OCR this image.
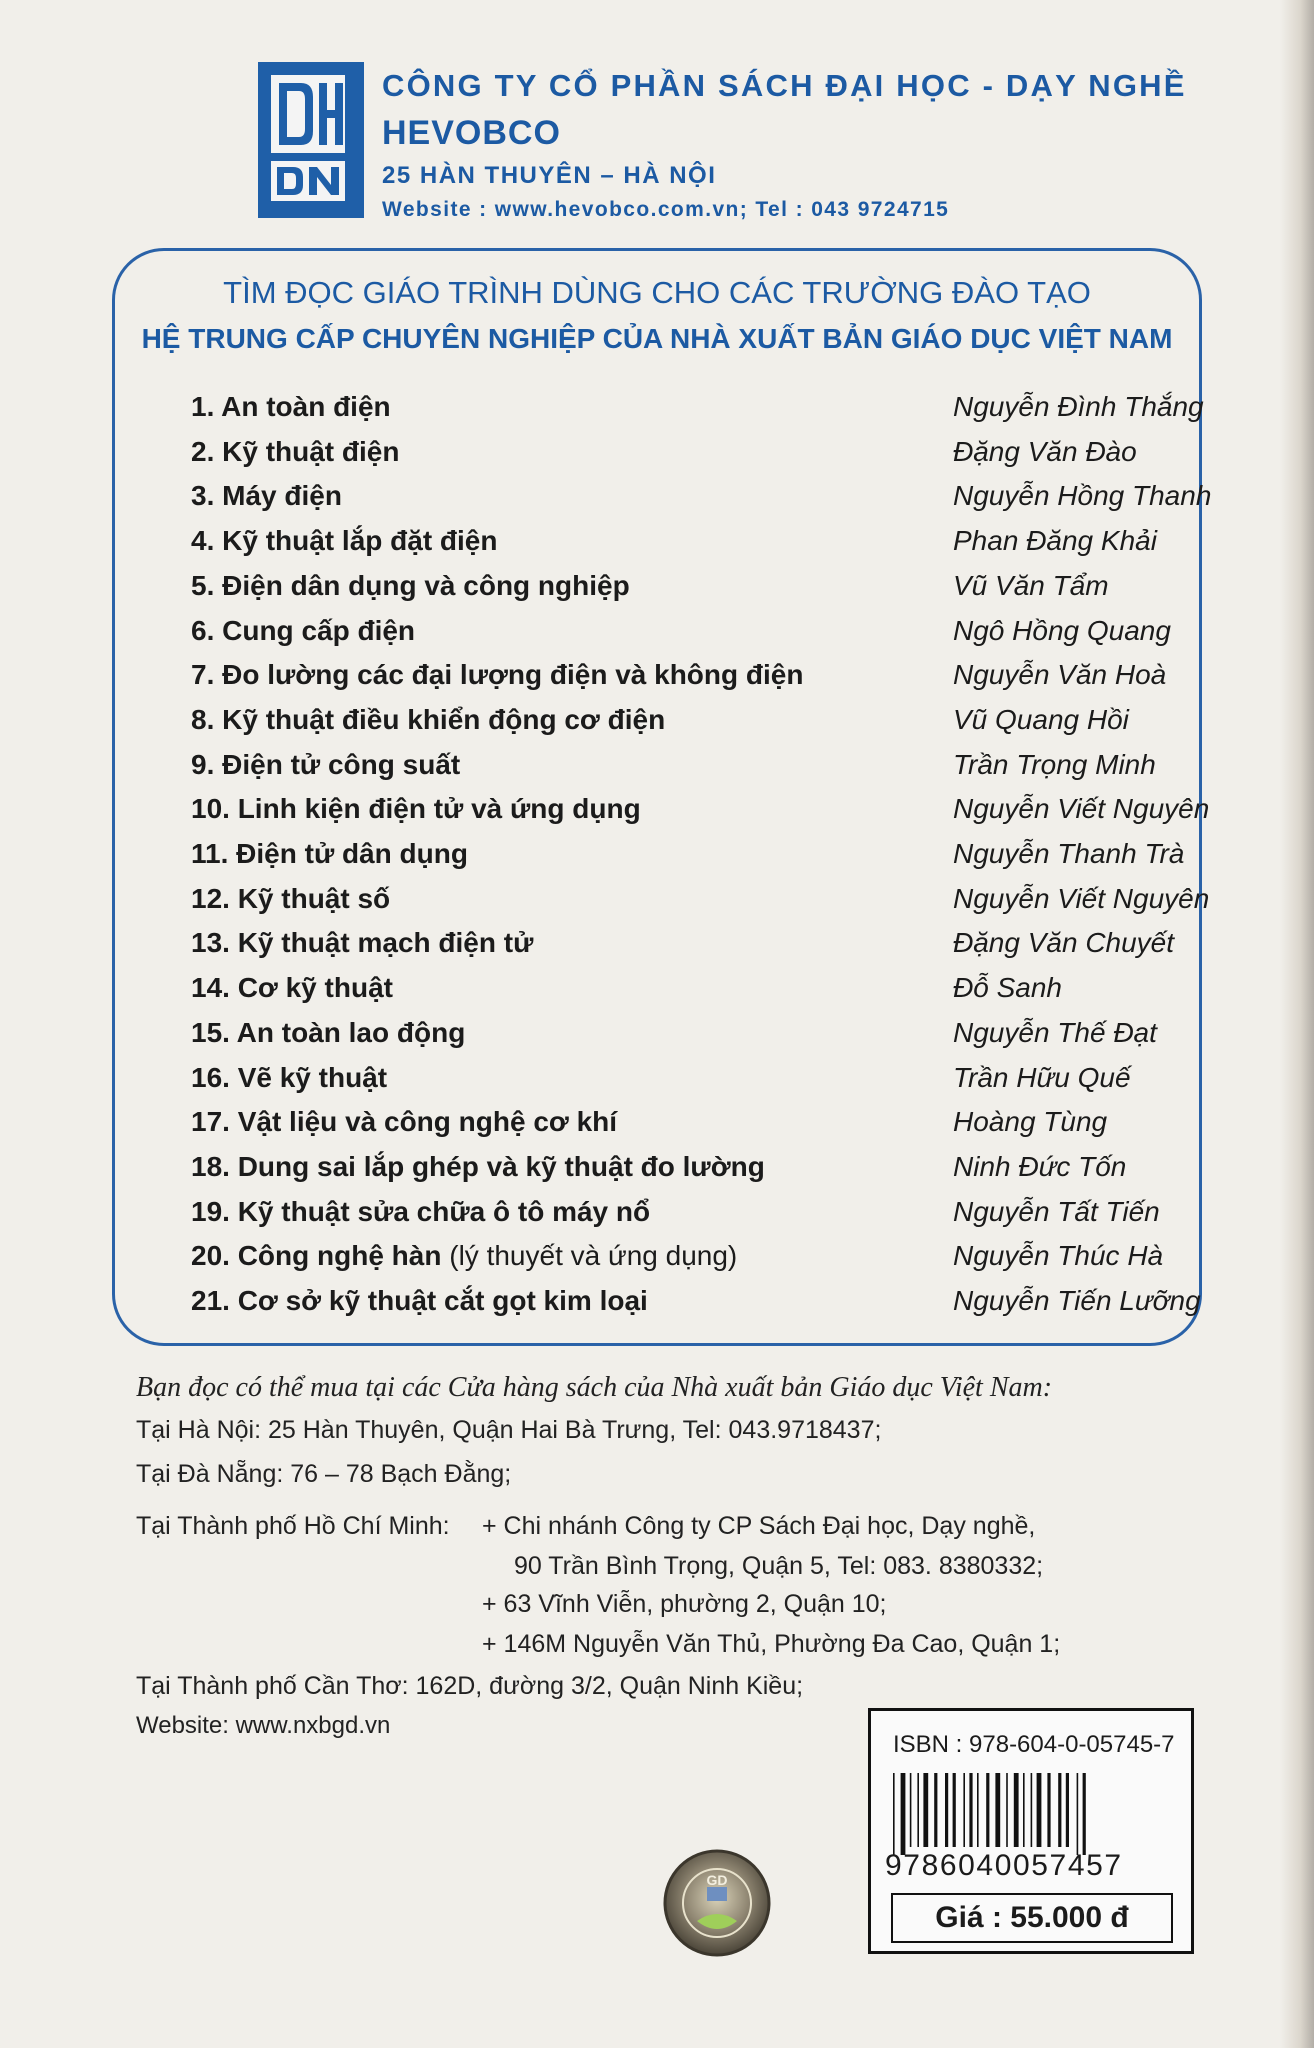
CÔNG TY CỔ PHẦN SÁCH ĐẠI HỌC - DẠY NGHỀ
HEVOBCO
25 HÀN THUYÊN – HÀ NỘI
Website : www.hevobco.com.vn; Tel : 043 9724715
TÌM ĐỌC GIÁO TRÌNH DÙNG CHO CÁC TRƯỜNG ĐÀO TẠO
HỆ TRUNG CẤP CHUYÊN NGHIỆP CỦA NHÀ XUẤT BẢN GIÁO DỤC VIỆT NAM
1. An toàn điện	Nguyễn Đình Thắng
2. Kỹ thuật điện	Đặng Văn Đào
3. Máy điện	Nguyễn Hồng Thanh
4. Kỹ thuật lắp đặt điện	Phan Đăng Khải
5. Điện dân dụng và công nghiệp	Vũ Văn Tẩm
6. Cung cấp điện	Ngô Hồng Quang
7. Đo lường các đại lượng điện và không điện	Nguyễn Văn Hoà
8. Kỹ thuật điều khiển động cơ điện	Vũ Quang Hồi
9. Điện tử công suất	Trần Trọng Minh
10. Linh kiện điện tử và ứng dụng	Nguyễn Viết Nguyên
11. Điện tử dân dụng	Nguyễn Thanh Trà
12. Kỹ thuật số	Nguyễn Viết Nguyên
13. Kỹ thuật mạch điện tử	Đặng Văn Chuyết
14. Cơ kỹ thuật	Đỗ Sanh
15. An toàn lao động	Nguyễn Thế Đạt
16. Vẽ kỹ thuật	Trần Hữu Quế
17. Vật liệu và công nghệ cơ khí	Hoàng Tùng
18. Dung sai lắp ghép và kỹ thuật đo lường	Ninh Đức Tốn
19. Kỹ thuật sửa chữa ô tô máy nổ	Nguyễn Tất Tiến
20. Công nghệ hàn (lý thuyết và ứng dụng)	Nguyễn Thúc Hà
21. Cơ sở kỹ thuật cắt gọt kim loại	Nguyễn Tiến Lưỡng
Bạn đọc có thể mua tại các Cửa hàng sách của Nhà xuất bản Giáo dục Việt Nam:
Tại Hà Nội: 25 Hàn Thuyên, Quận Hai Bà Trưng, Tel: 043.9718437;
Tại Đà Nẵng: 76 – 78 Bạch Đằng;
Tại Thành phố Hồ Chí Minh: + Chi nhánh Công ty CP Sách Đại học, Dạy nghề,
90 Trần Bình Trọng, Quận 5, Tel: 083. 8380332;
+ 63 Vĩnh Viễn, phường 2, Quận 10;
+ 146M Nguyễn Văn Thủ, Phường Đa Cao, Quận 1;
Tại Thành phố Cần Thơ: 162D, đường 3/2, Quận Ninh Kiều;
Website: www.nxbgd.vn
GD
ISBN : 978-604-0-05745-7
9786040057457
Giá : 55.000 đ
